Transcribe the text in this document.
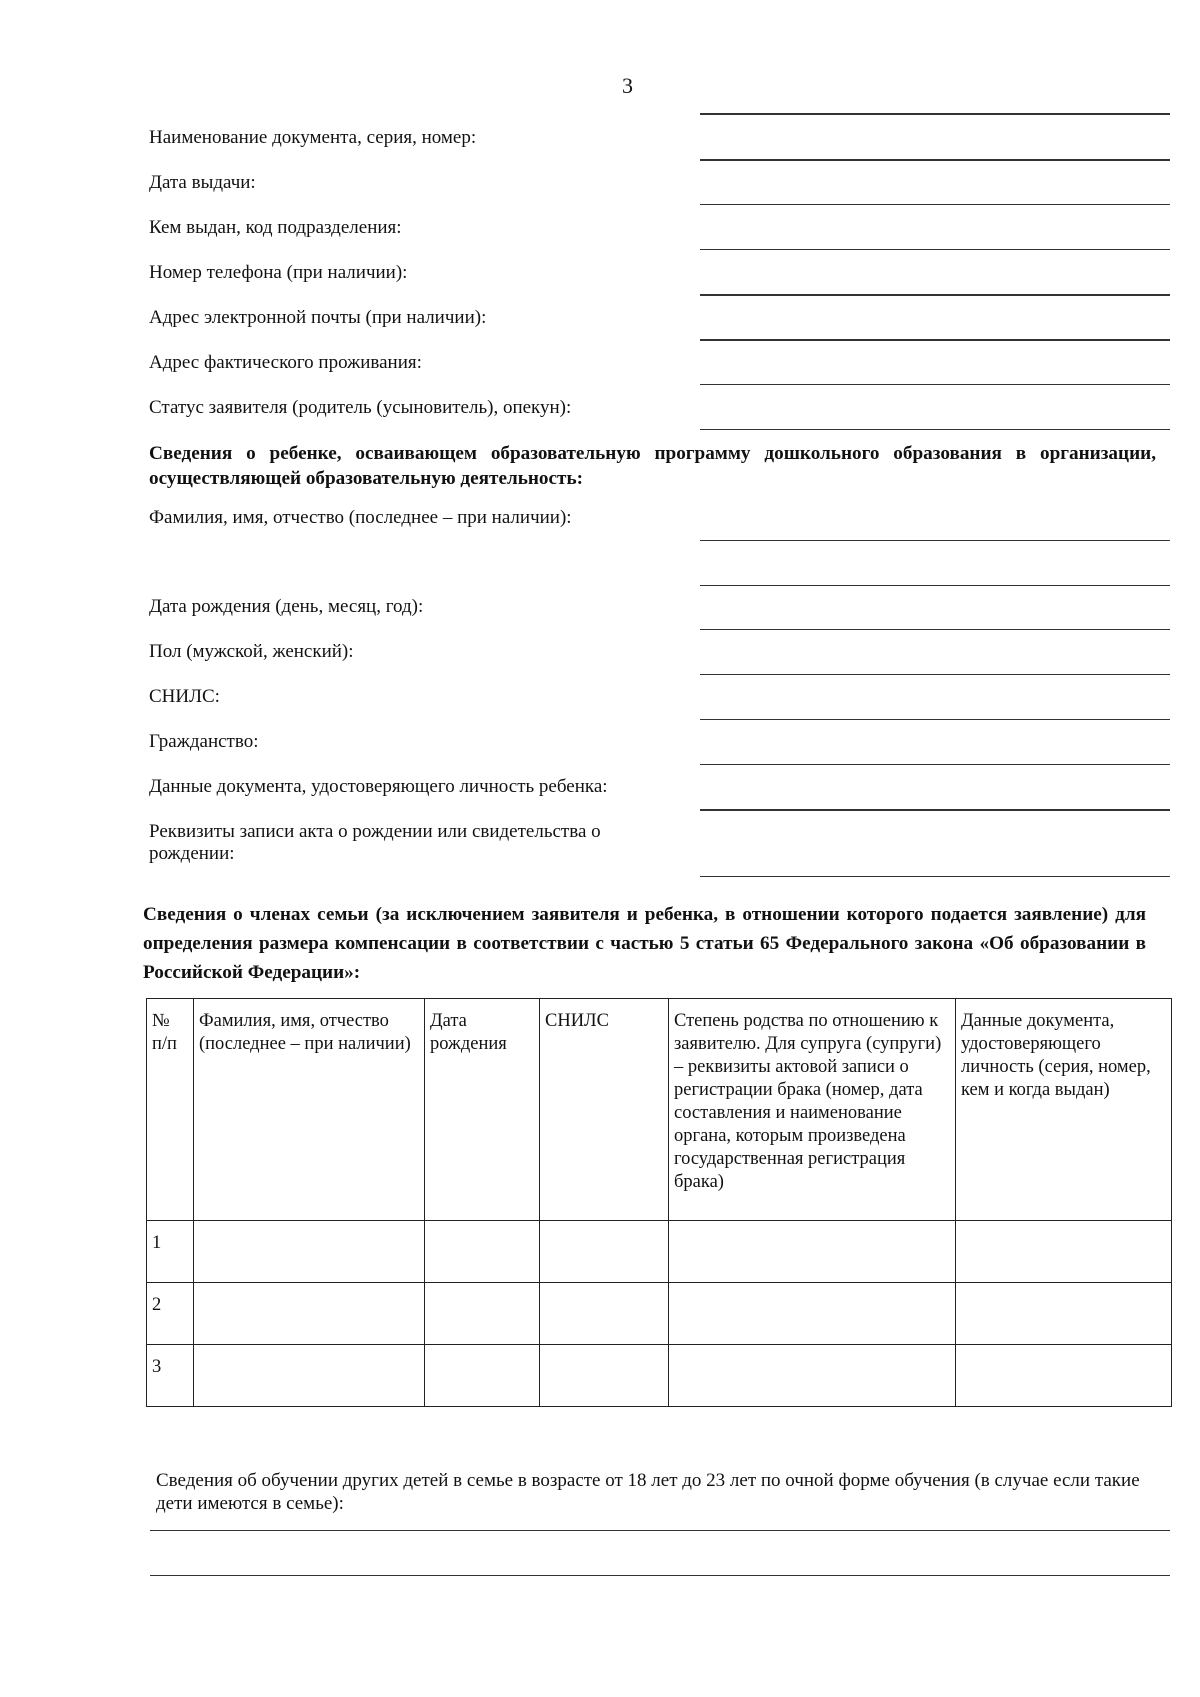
3
Наименование документа, серия, номер:
Дата выдачи:
Кем выдан, код подразделения:
Номер телефона (при наличии):
Адрес электронной почты (при наличии):
Адрес фактического проживания:
Статус заявителя (родитель (усыновитель), опекун):
Сведения о ребенке, осваивающем образовательную программу дошкольного образования в организации, осуществляющей образовательную деятельность:
Фамилия, имя, отчество (последнее – при наличии):
Дата рождения (день, месяц, год):
Пол (мужской, женский):
СНИЛС:
Гражданство:
Данные документа, удостоверяющего личность ребенка:
Реквизиты записи акта о рождении или свидетельства о рождении:
Сведения о членах семьи (за исключением заявителя и ребенка, в отношении которого подается заявление) для определения размера компенсации в соответствии с частью 5 статьи 65 Федерального закона «Об образовании в Российской Федерации»:
№ п/п	Фамилия, имя, отчество (последнее – при наличии)	Дата рождения	СНИЛС	Степень родства по отношению к заявителю. Для супруга (супруги) – реквизиты актовой записи о регистрации брака (номер, дата составления и наименование органа, которым произведена государственная регистрация брака)	Данные документа, удостоверяющего личность (серия, номер, кем и когда выдан)
1					
2					
3					
Сведения об обучении других детей в семье в возрасте от 18 лет до 23 лет по очной форме обучения (в случае если такие дети имеются в семье):
